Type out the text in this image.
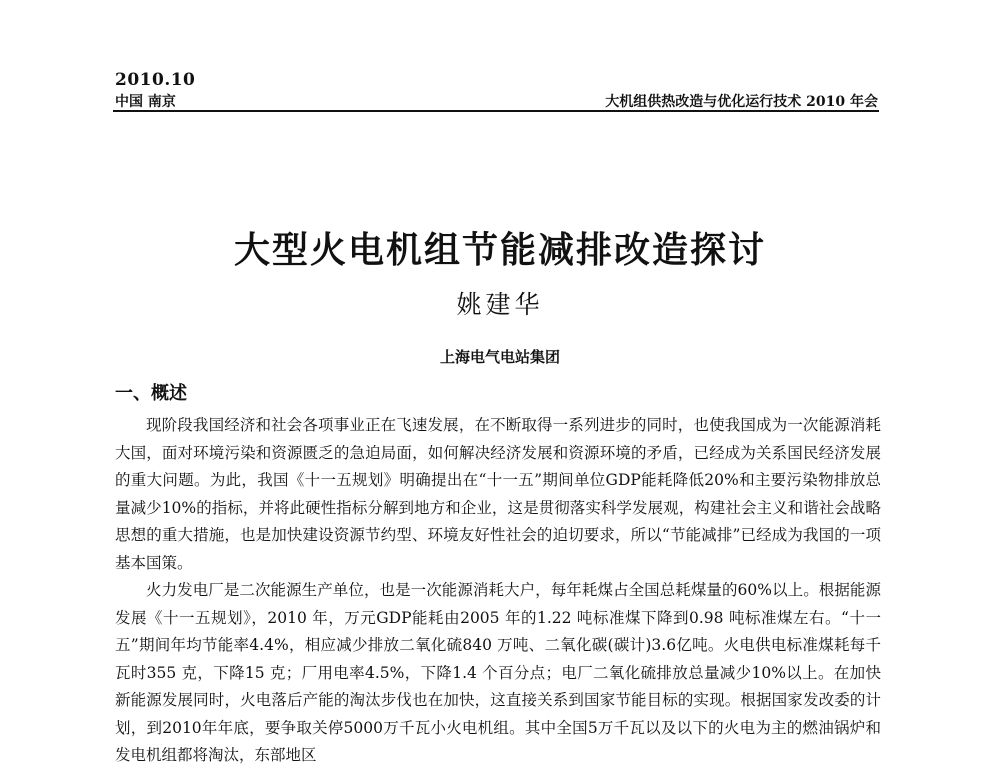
2010.10
中国 南京	大机组供热改造与优化运行技术 2010 年会
大型火电机组节能减排改造探讨
姚建华
上海电气电站集团
一、概述

现阶段我国经济和社会各项事业正在飞速发展，在不断取得一系列进步的同时，也使我国成为一次能源消耗大国，面对环境污染和资源匮乏的急迫局面，如何解决经济发展和资源环境的矛盾，已经成为关系国民经济发展的重大问题。为此，我国《十一五规划》明确提出在“十一五”期间单位GDP能耗降低20%和主要污染物排放总量减少10%的指标，并将此硬性指标分解到地方和企业，这是贯彻落实科学发展观，构建社会主义和谐社会战略思想的重大措施，也是加快建设资源节约型、环境友好性社会的迫切要求，所以“节能减排”已经成为我国的一项基本国策。

火力发电厂是二次能源生产单位，也是一次能源消耗大户，每年耗煤占全国总耗煤量的60%以上。根据能源发展《十一五规划》，2010 年，万元GDP能耗由2005 年的1.22 吨标准煤下降到0.98 吨标准煤左右。“十一五”期间年均节能率4.4%，相应减少排放二氧化硫840 万吨、二氧化碳(碳计)3.6亿吨。火电供电标准煤耗每千瓦时355 克，下降15 克；厂用电率4.5%，下降1.4 个百分点；电厂二氧化硫排放总量减少10%以上。在加快新能源发展同时，火电落后产能的淘汰步伐也在加快，这直接关系到国家节能目标的实现。根据国家发改委的计划，到2010年年底，要争取关停5000万千瓦小火电机组。其中全国5万千瓦以及以下的火电为主的燃油锅炉和发电机组都将淘汰，东部地区
